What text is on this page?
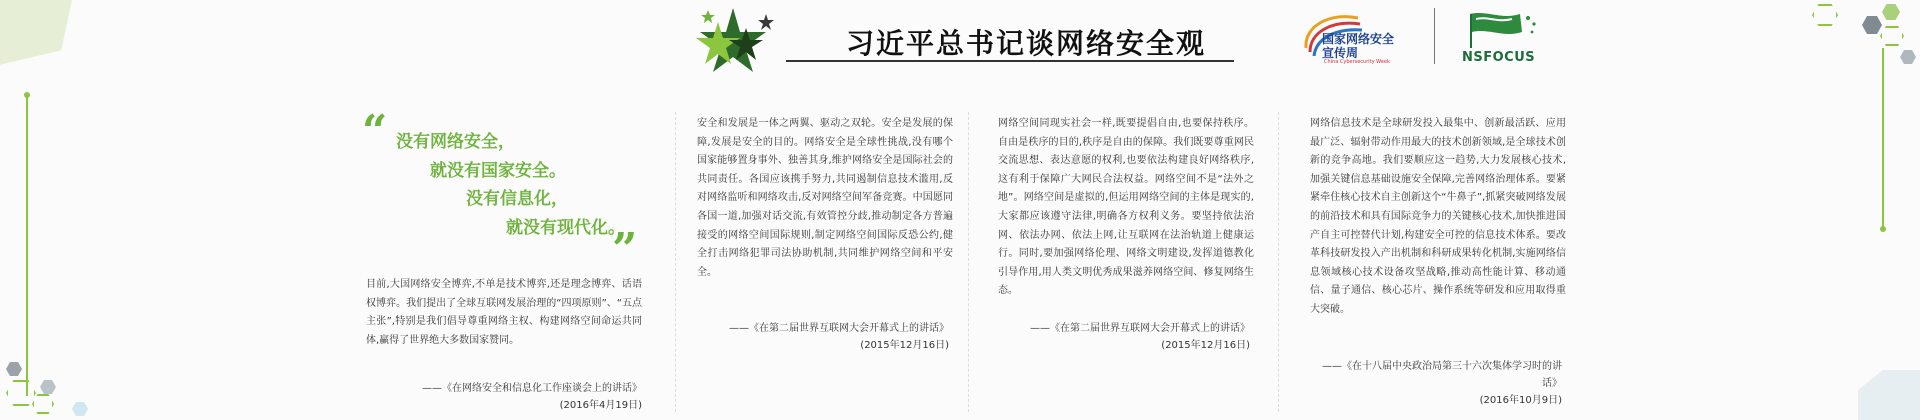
习近平总书记谈网络安全观	国家网络安全
宣传周
China Cybersecurity Week	NSFOCUS
“ 没有网络安全，
就没有国家安全。
没有信息化，
就没有现代化。
”
目前,大国网络安全博弈,不单是技术博弈,还是理念博弈、话语权博弈。我们提出了全球互联网发展治理的“四项原则”、“五点主张”,特别是我们倡导尊重网络主权、构建网络空间命运共同体,赢得了世界绝大多数国家赞同。
——《在网络安全和信息化工作座谈会上的讲话》
(2016年4月19日)
安全和发展是一体之两翼、驱动之双轮。安全是发展的保障,发展是安全的目的。网络安全是全球性挑战,没有哪个国家能够置身事外、独善其身,维护网络安全是国际社会的共同责任。各国应该携手努力,共同遏制信息技术滥用,反对网络监听和网络攻击,反对网络空间军备竞赛。中国愿同各国一道,加强对话交流,有效管控分歧,推动制定各方普遍接受的网络空间国际规则,制定网络空间国际反恐公约,健全打击网络犯罪司法协助机制,共同维护网络空间和平安全。
——《在第二届世界互联网大会开幕式上的讲话》
(2015年12月16日)
网络空间同现实社会一样,既要提倡自由,也要保持秩序。自由是秩序的目的,秩序是自由的保障。我们既要尊重网民交流思想、表达意愿的权利,也要依法构建良好网络秩序,这有利于保障广大网民合法权益。网络空间不是“法外之地”。网络空间是虚拟的,但运用网络空间的主体是现实的,大家都应该遵守法律,明确各方权利义务。要坚持依法治网、依法办网、依法上网,让互联网在法治轨道上健康运行。同时,要加强网络伦理、网络文明建设,发挥道德教化引导作用,用人类文明优秀成果滋养网络空间、修复网络生态。
——《在第二届世界互联网大会开幕式上的讲话》
(2015年12月16日)
网络信息技术是全球研发投入最集中、创新最活跃、应用最广泛、辐射带动作用最大的技术创新领域,是全球技术创新的竞争高地。我们要顺应这一趋势,大力发展核心技术,加强关键信息基础设施安全保障,完善网络治理体系。要紧紧牵住核心技术自主创新这个“牛鼻子”,抓紧突破网络发展的前沿技术和具有国际竞争力的关键核心技术,加快推进国产自主可控替代计划,构建安全可控的信息技术体系。要改革科技研发投入产出机制和科研成果转化机制,实施网络信息领域核心技术设备攻坚战略,推动高性能计算、移动通信、量子通信、核心芯片、操作系统等研发和应用取得重大突破。
——《在十八届中央政治局第三十六次集体学习时的讲话》
(2016年10月9日)
